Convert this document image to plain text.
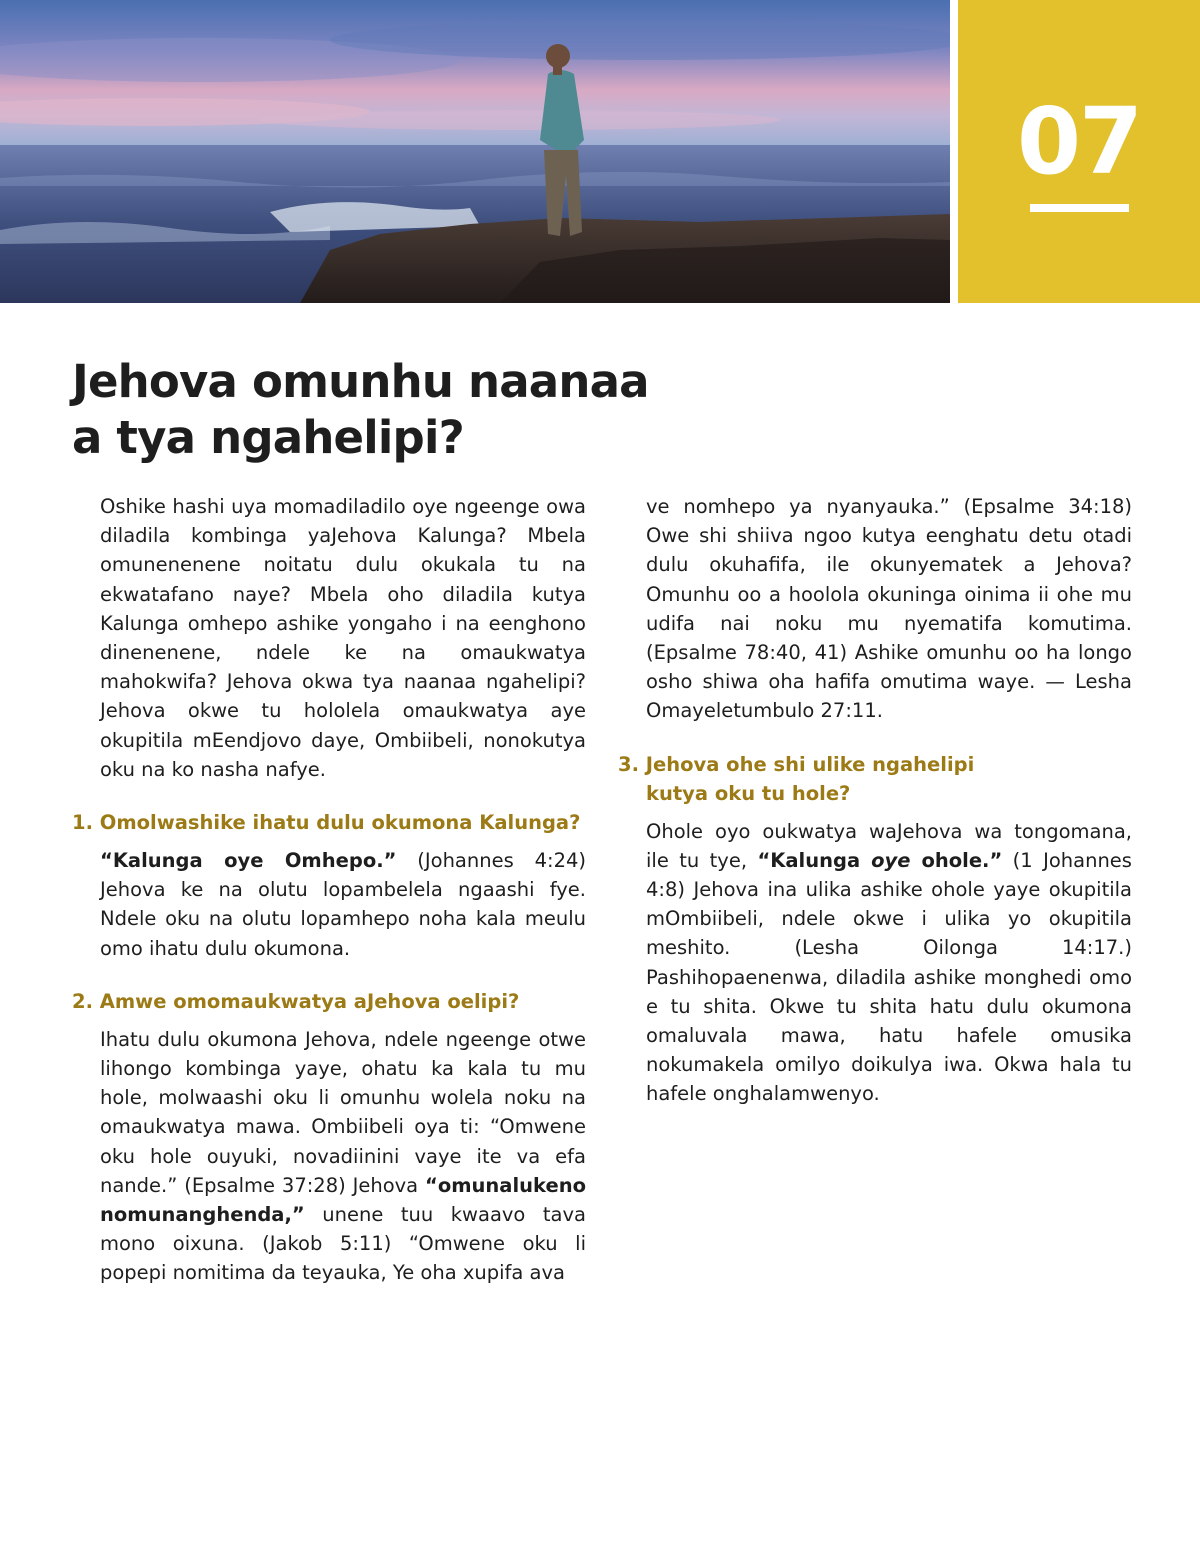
07
Jehova omunhu naanaa
a tya ngahelipi?

Oshike hashi uya momadiladilo oye ngeenge owa diladila kombinga yaJehova Kalunga? Mbela omunenenene noitatu dulu okukala tu na ekwatafano naye? Mbela oho diladila kutya Kalunga omhepo ashike yongaho i na eenghono dinenenene, ndele ke na omaukwatya mahokwifa? Jehova okwa tya naanaa ngahelipi? Jehova okwe tu hololela omaukwatya aye okupitila mEendjovo daye, Ombiibeli, nonokutya oku na ko nasha nafye.

1. Omolwashike ihatu dulu okumona Kalunga?

“Kalunga oye Omhepo.” (Johannes 4:24) Jehova ke na olutu lopambelela ngaashi fye. Ndele oku na olutu lopamhepo noha kala meulu omo ihatu dulu okumona.

2. Amwe omomaukwatya aJehova oelipi?

Ihatu dulu okumona Jehova, ndele ngeenge otwe lihongo kombinga yaye, ohatu ka kala tu mu hole, molwaashi oku li omunhu wolela noku na omaukwatya mawa. Ombiibeli oya ti: “Omwene oku hole ouyuki, novadiinini vaye ite va efa nande.” (Epsalme 37:28) Jehova “omunalukeno nomunanghenda,” unene tuu kwaavo tava mono oixuna. (Jakob 5:11) “Omwene oku li popepi nomitima da teyauka, Ye oha xupifa ava

ve nomhepo ya nyanyauka.” (Epsalme 34:18) Owe shi shiiva ngoo kutya eenghatu detu otadi dulu okuhafifa, ile okunyematek a Jehova? Omunhu oo a hoolola okuninga oinima ii ohe mu udifa nai noku mu nyematifa komutima. (Epsalme 78:40, 41) Ashike omunhu oo ha longo osho shiwa oha hafifa omutima waye. — Lesha Omayeletumbulo 27:11.

3. Jehova ohe shi ulike ngahelipi
kutya oku tu hole?

Ohole oyo oukwatya waJehova wa tongomana, ile tu tye, “Kalunga oye ohole.” (1 Johannes 4:8) Jehova ina ulika ashike ohole yaye okupitila mOmbiibeli, ndele okwe i ulika yo okupitila meshito. (Lesha Oilonga 14:17.) Pashihopaenenwa, diladila ashike monghedi omo e tu shita. Okwe tu shita hatu dulu okumona omaluvala mawa, hatu hafele omusika nokumakela omilyo doikulya iwa. Okwa hala tu hafele onghalamwenyo.
